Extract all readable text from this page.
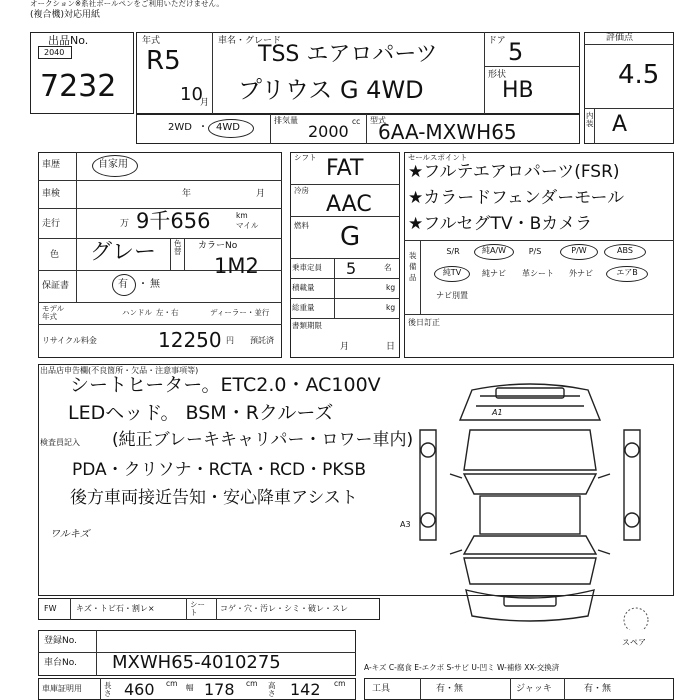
オークション※系社ボールペンをご利用いただけません。
(複合機)対応用紙
出品No.
2040
7232
年式
R5
10
月
車名・グレード
TSS エアロパーツ
プリウス G 4WD
ドア 5
形状
HB
評価点
4.5
内装 A
2WD ・ 4WD
排気量
2000
cc 型式
6AA-MXWH65
車歴	自家用
車検	年	月
走行	万 9千656	km
マイル
色 グレー 色替
カラーNo
1M2
保証書	有 ・ 無
モデル年式	ハンドル 左・右	ディーラー・並行
リサイクル料金	12250 円 預託済
シフト FAT
冷房
AAC
燃料 G
乗車定員 5	名
積載量	kg
総重量	kg
書類期限
月	日
セールスポイント
★フルテエアロパーツ(FSR)
★カラードフェンダーモール
★フルセグTV・Bカメラ
装備品
S/R	純A/W	P/S	P/W	ABS
純TV	純ナビ	革シート	外ナビ	エアB
ナビ別置
後日訂正
出品店申告欄(不良箇所・欠品・注意事項等)
シートヒーター。ETC2.0・AC100V
LEDヘッド。 BSM・Rクルーズ
検査員記入 (純正ブレーキキャリパー・ロワー車内)
PDA・クリソナ・RCTA・RCD・PKSB
後方車両接近告知・安心降車アシスト
ワルキズ
A1
A3
スペア
FW キズ・トビ石・割レ×	シート	コゲ・穴・汚レ・シミ・破レ・スレ
登録No.
車台No. MXWH65-4010275	A-キズ C-腐食 E-エクボ S-サビ U-凹ミ W-補修 XX-交換済
車庫証明用	長さ 460 cm 幅 178 cm 高さ 142 cm
工具	有・無	ジャッキ	有・無
